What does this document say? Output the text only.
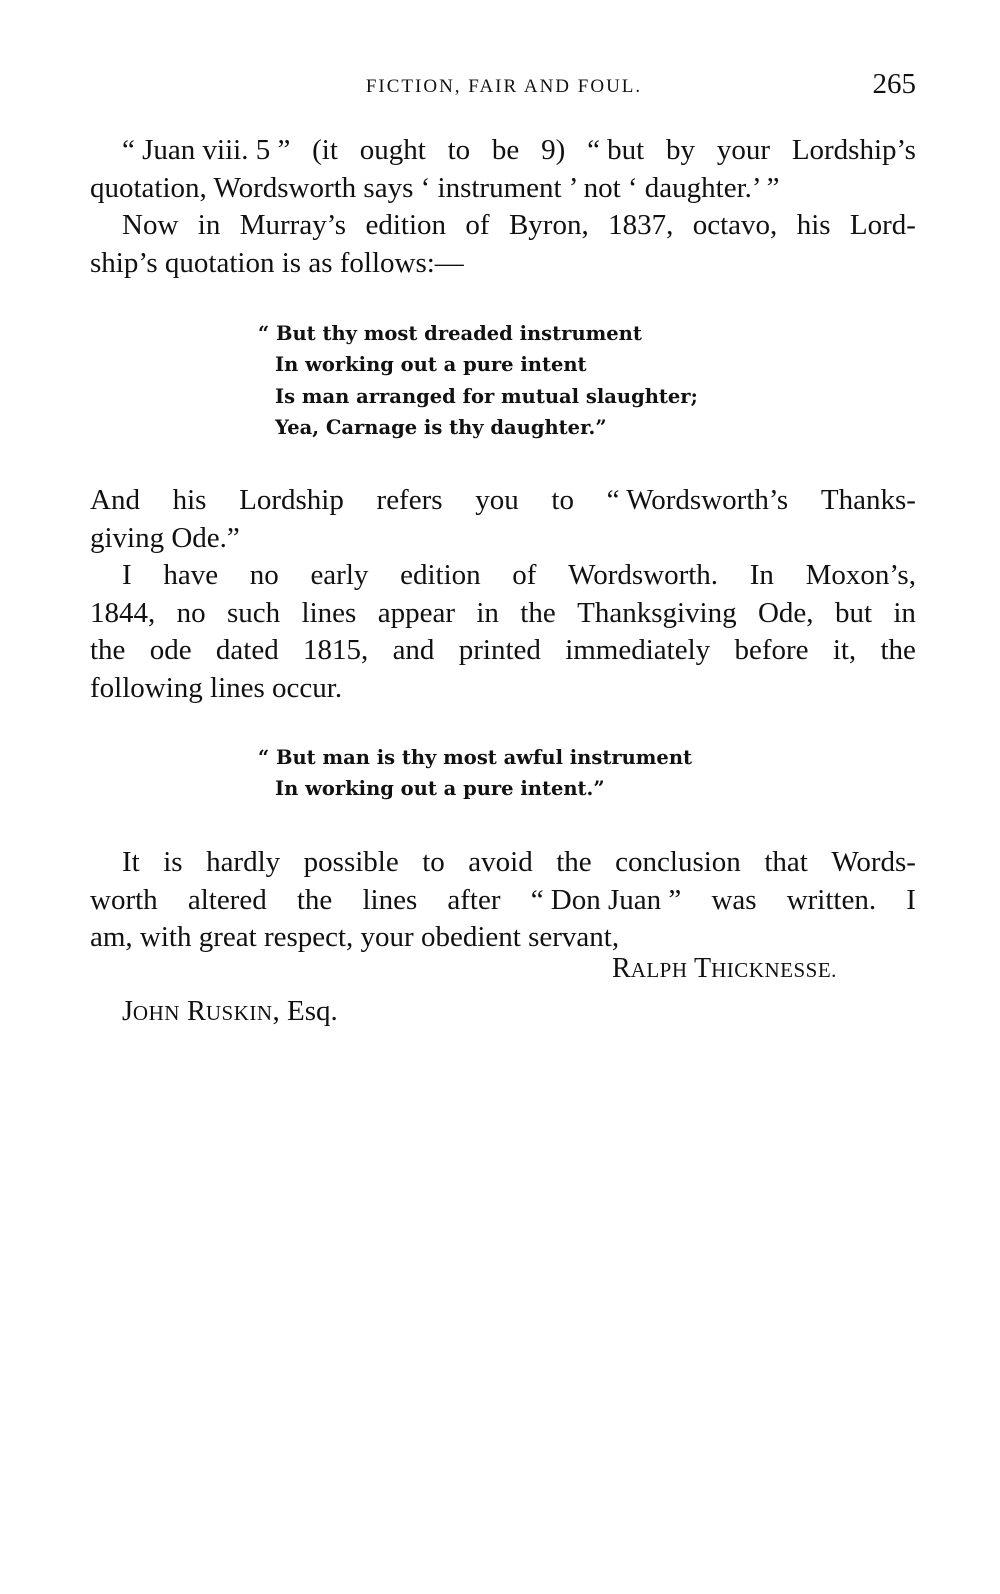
FICTION, FAIR AND FOUL.	265
“ Juan viii. 5 ” (it ought to be 9) “ but by your Lordship’s
quotation, Wordsworth says ‘ instrument ’ not ‘ daughter.’ ”
Now in Murray’s edition of Byron, 1837, octavo, his Lord-
ship’s quotation is as follows:—
“ But thy most dreaded instrument
In working out a pure intent
Is man arranged for mutual slaughter;
Yea, Carnage is thy daughter.”
And his Lordship refers you to “ Wordsworth’s Thanks-
giving Ode.”
I have no early edition of Wordsworth. In Moxon’s,
1844, no such lines appear in the Thanksgiving Ode, but in
the ode dated 1815, and printed immediately before it, the
following lines occur.
“ But man is thy most awful instrument
In working out a pure intent.”
It is hardly possible to avoid the conclusion that Words-
worth altered the lines after “ Don Juan ” was written. I
am, with great respect, your obedient servant,
RALPH THICKNESSE.
JOHN RUSKIN, Esq.
